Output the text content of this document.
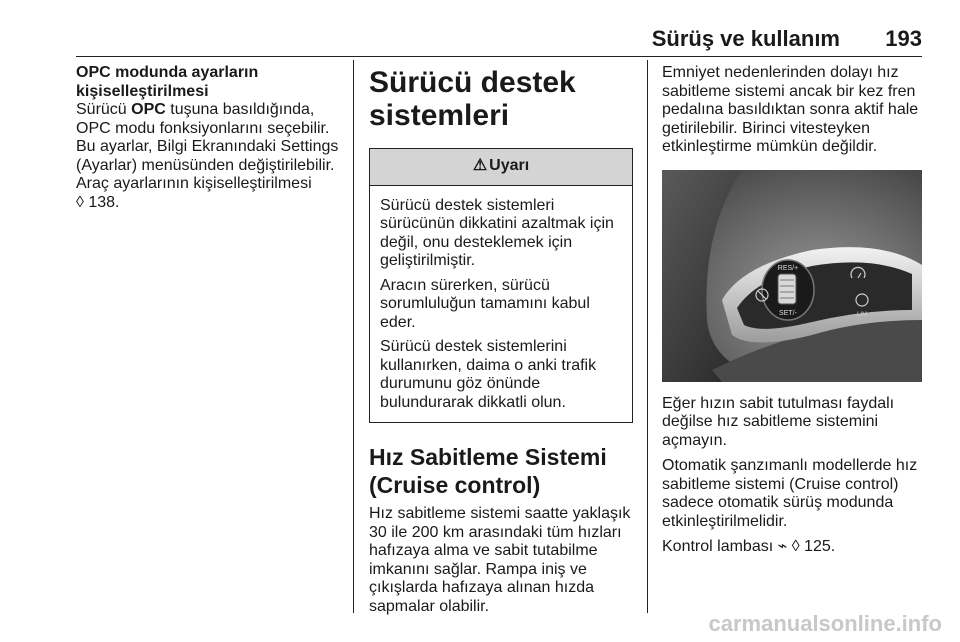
Sürüş ve kullanım 193

OPC modunda ayarların
kişiselleştirilmesi

Sürücü OPC tuşuna basıldığında, OPC modu fonksiyonlarını seçebilir. Bu ayarlar, Bilgi Ekranındaki Settings (Ayarlar) menüsünden değiştirilebilir. Araç ayarlarının kişiselleştirilmesi
◊ 138.

Sürücü destek sistemleri
⚠ Uyarı

Sürücü destek sistemleri sürücünün dikkatini azaltmak için değil, onu desteklemek için geliştirilmiştir.

Aracın sürerken, sürücü sorumluluğun tamamını kabul eder.

Sürücü destek sistemlerini kullanırken, daima o anki trafik durumunu göz önünde bulundurarak dikkatli olun.

Hız Sabitleme Sistemi (Cruise control)

Hız sabitleme sistemi saatte yaklaşık 30 ile 200 km arasındaki tüm hızları hafızaya alma ve sabit tutabilme imkanını sağlar. Rampa iniş ve çıkışlarda hafızaya alınan hızda sapmalar olabilir.

Emniyet nedenlerinden dolayı hız sabitleme sistemi ancak bir kez fren pedalına basıldıktan sonra aktif hale getirilebilir. Birinci vitesteyken etkinleştirme mümkün değildir.

RES/+
SET/-	LIM

Eğer hızın sabit tutulması faydalı değilse hız sabitleme sistemini açmayın.

Otomatik şanzımanlı modellerde hız sabitleme sistemi (Cruise control) sadece otomatik sürüş modunda etkinleştirilmelidir.

Kontrol lambası ⌁ ◊ 125.

carmanualsonline.info
